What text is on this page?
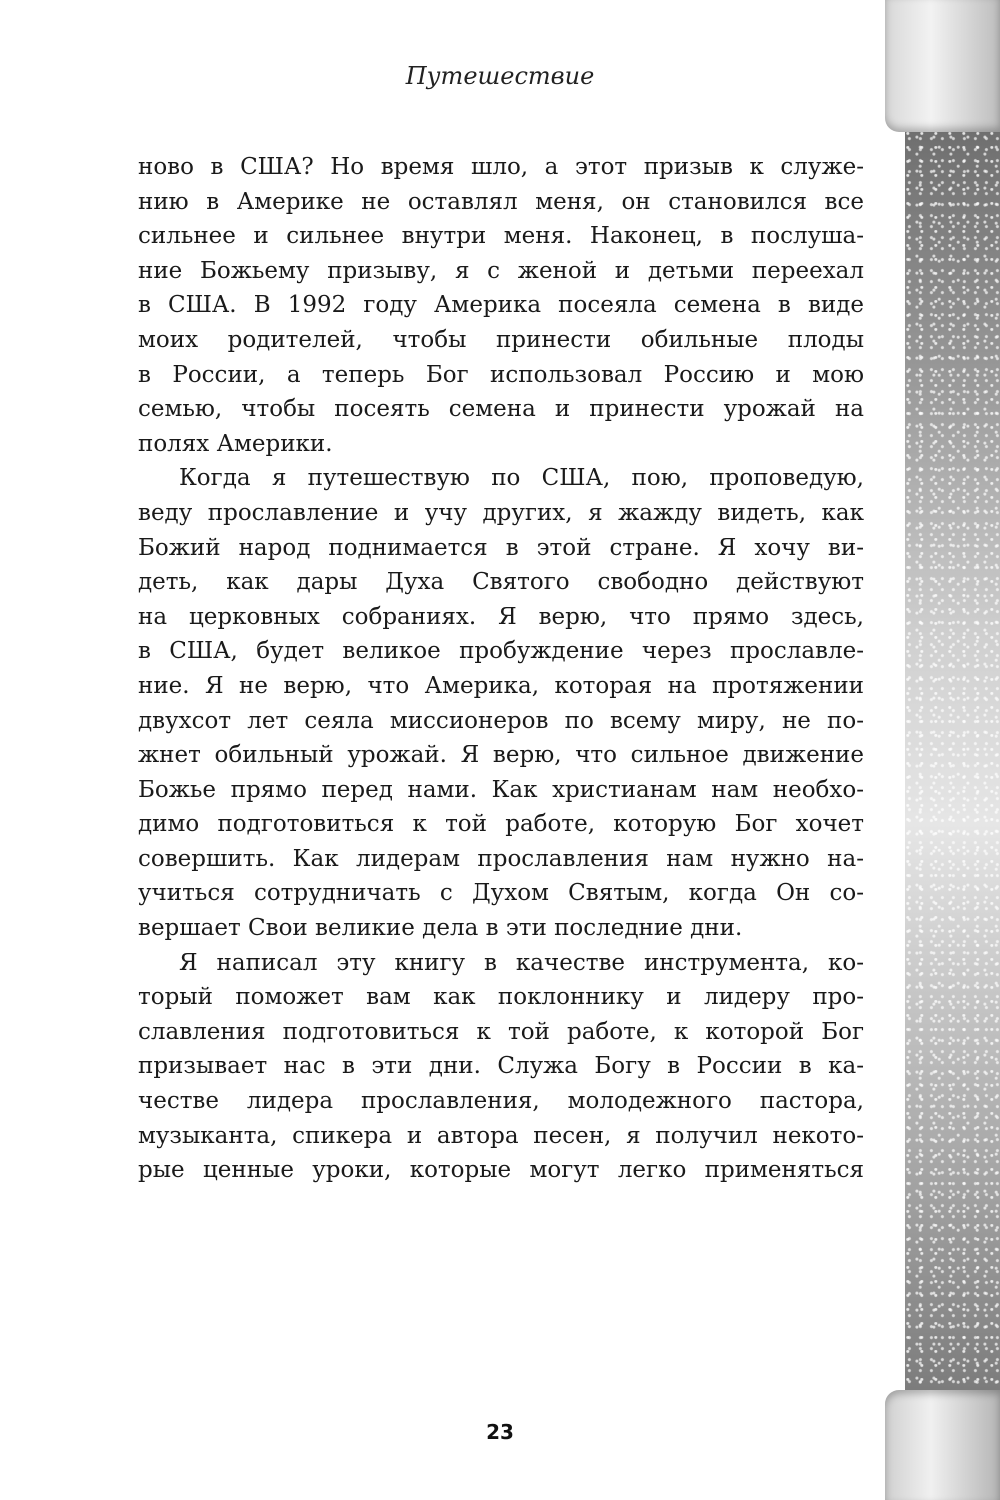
Путешествие
ново в США? Но время шло, а этот призыв к служе-
нию в Америке не оставлял меня, он становился все
сильнее и сильнее внутри меня. Наконец, в послуша-
ние Божьему призыву, я с женой и детьми переехал
в США. В 1992 году Америка посеяла семена в виде
моих родителей, чтобы принести обильные плоды
в России, а теперь Бог использовал Россию и мою
семью, чтобы посеять семена и принести урожай на
полях Америки.
Когда я путешествую по США, пою, проповедую,
веду прославление и учу других, я жажду видеть, как
Божий народ поднимается в этой стране. Я хочу ви-
деть, как дары Духа Святого свободно действуют
на церковных собраниях. Я верю, что прямо здесь,
в США, будет великое пробуждение через прославле-
ние. Я не верю, что Америка, которая на протяжении
двухсот лет сеяла миссионеров по всему миру, не по-
жнет обильный урожай. Я верю, что сильное движение
Божье прямо перед нами. Как христианам нам необхо-
димо подготовиться к той работе, которую Бог хочет
совершить. Как лидерам прославления нам нужно на-
учиться сотрудничать с Духом Святым, когда Он со-
вершает Свои великие дела в эти последние дни.
Я написал эту книгу в качестве инструмента, ко-
торый поможет вам как поклоннику и лидеру про-
славления подготовиться к той работе, к которой Бог
призывает нас в эти дни. Служа Богу в России в ка-
честве лидера прославления, молодежного пастора,
музыканта, спикера и автора песен, я получил некото-
рые ценные уроки, которые могут легко применяться
23
